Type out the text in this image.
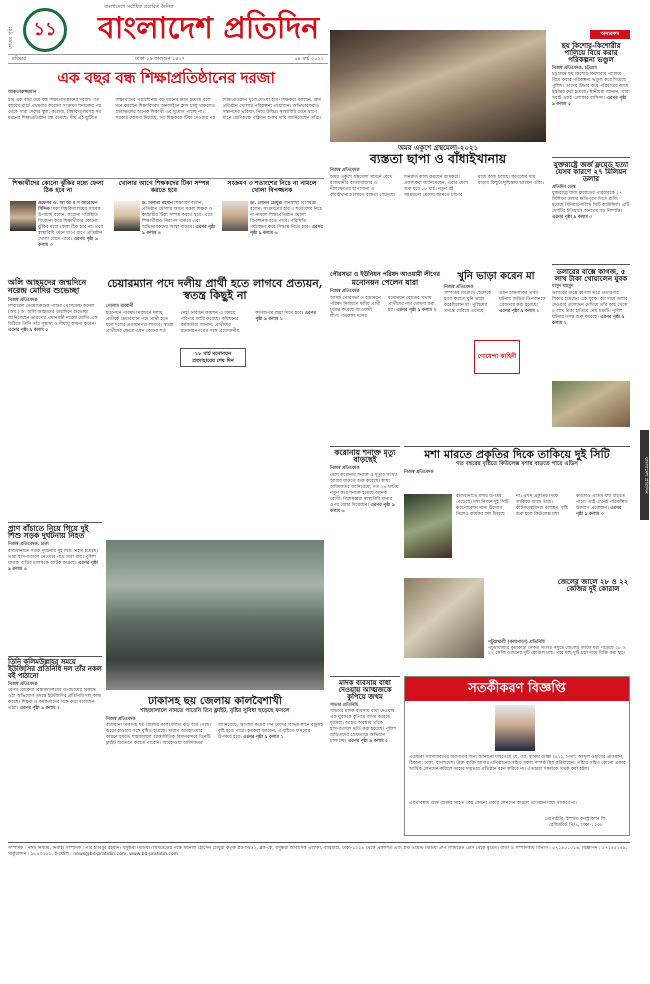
শেষের পৃষ্ঠা	১১
বাংলাদেশে সর্বাধিক প্রচারিত দৈনিক
বাংলাদেশ প্রতিদিন
রবিবার	ঢাকা ১৯ ফাল্গুন ১৪২৭	০৪ মার্চ ২০২১
এক বছর বন্ধ শিক্ষাপ্রতিষ্ঠানের দরজা
আকতারুজ্জামান
চার এক বছর ধরে বন্ধ শিক্ষাপ্রতিষ্ঠানের দরজা। গত বছরের মার্চে প্রথমবার করোনা সংক্রমণ শনাক্তের পর থেকে সারা দেশের স্কুল, কলেজ, বিশ্ববিদ্যালয়সহ সব ধরনের শিক্ষাপ্রতিষ্ঠান বন্ধ রয়েছে। দীর্ঘ এই ছুটিতে শিক্ষার্থীদের পড়াশোনায় বড় ধরনের ক্ষতি হয়েছে বলে মনে করছেন শিক্ষাবিদরা। অনলাইনে ক্লাস চালু থাকলেও গ্রামাঞ্চলের অনেক শিক্ষার্থী এর সুযোগ পাচ্ছে না। সরকার ঘোষণা দিয়েছে, সব শিক্ষককে টিকা দেওয়ার পর শিক্ষাপ্রতিষ্ঠান খুলে দেওয়া হবে। শিক্ষকরা বলছেন, দ্রুত প্রতিষ্ঠান খোলার পরিকল্পনা প্রয়োজন। অভিভাবকরাও সন্তানদের ভবিষ্যৎ নিয়ে উদ্বিগ্ন। স্বাস্থ্যবিধি মেনে ধাপে ধাপে শ্রেণিকক্ষে পাঠদান শুরুর দাবি জানিয়েছেন তাঁরা।
শিক্ষার্থীদের কোনো ঝুঁকির মধ্যে ফেলা ঠিক হবে না
প্রফেসর ড. আ আ ম স আরেফিন সিদ্দিক ঢাকা বিশ্ববিদ্যালয়ের সাবেক উপাচার্য বলেন, করোনা পরিস্থিতি বিবেচনা করে শিক্ষার্থীদের কোনো ঝুঁকির মধ্যে ফেলা ঠিক হবে না। তবে স্বাস্থ্যবিধি মেনে ধাপে ধাপে প্রতিষ্ঠান খোলা যেতে পারে। এরপর পৃষ্ঠা ৯ কলাম ৩
খোলার আগে শিক্ষকদের টিকা সম্পন্ন করতে হবে
ড. দিলারা রহমান শিক্ষাবিদ বলেন, প্রতিষ্ঠান খোলার আগে সকল শিক্ষক ও কর্মচারীর টিকা সম্পন্ন করতে হবে। এতে শিক্ষার্থীরাও নিরাপদ থাকবে এবং অভিভাবকদের আস্থা বাড়বে। এরপর পৃষ্ঠা ৯ কলাম ৪
সংক্রমণ ৩ শতাংশের নিচে না নামলে খোলা বিপজ্জনক
ডা. লেনিন চৌধুরী জনস্বাস্থ্য বিশেষজ্ঞ বলেন, সংক্রমণের হার ৩ শতাংশের নিচে না নামলে শিক্ষাপ্রতিষ্ঠান খোলা বিপজ্জনক হতে পারে। পরিস্থিতি পর্যবেক্ষণ করে সিদ্ধান্ত নিতে হবে। এরপর পৃষ্ঠা ৯ কলাম ৬
অমর একুশে গ্রন্থমেলা-২০২১
ব্যস্ততা ছাপা ও বাঁধাইখানায়
নিজস্ব প্রতিবেদক
অমর একুশে গ্রন্থমেলা সামনে রেখে রাজধানীর বাংলাবাজার ও নীলক্ষেতের ছাপাখানা ও বাঁধাইখানাগুলোতে ব্যস্ততা বেড়েছে। দিনরাত কাজ করছেন শ্রমিকরা। প্রকাশকরা জানিয়েছেন, এবার মেলা শুরু হবে ১৮ মার্চ। নতুন বই সময়মতো মেলায় আনতে চাপের মধ্যে কাজ চলছে। কাগজের দাম বাড়ায় কিছুটা দুশ্চিন্তায় আছেন তাঁরা।
অন্যরকম
ছয় কিশোর-কিশোরীর পালিয়ে বিয়ে করার পরিকল্পনা ভণ্ডুল
নিজস্ব প্রতিবেদক, চট্টগ্রাম
চট্টগ্রামে ছয় কিশোর-কিশোরীর পালিয়ে বিয়ে করার পরিকল্পনা ভণ্ডুল করে দিয়েছে পুলিশ। তাদের উদ্ধার করে পরিবারের কাছে হস্তান্তর করা হয়েছে। স্থানীয়রা জানান, তারা সবাই একই এলাকার বাসিন্দা। এরপর পৃষ্ঠা ৯ কলাম ৫
যুক্তরাষ্ট্রে জর্জ ফ্লয়েড হত্যা যেসব কারণে ২৭ মিলিয়ন ডলার
প্রতিদিন ডেস্ক
যুক্তরাষ্ট্রে জর্জ ফ্লয়েডের পরিবারকে ২৭ মিলিয়ন ডলার ক্ষতিপূরণ দিতে রাজি হয়েছে মিনিয়াপোলিস সিটি কাউন্সিল। এটি দেশটির ইতিহাসে অন্যতম বড় নিষ্পত্তি। এরপর পৃষ্ঠা ৯ কলাম ৩
ডলারের বাক্সে কাগজ, ৫ লাখ টাকা খোয়ালেন যুবক
মাসুদ মাহমুদ
ডলারের বাক্সে কাগজ ভরে প্রতারণার শিকার হয়েছেন এক যুবক। কম দামে ডলার দেওয়ার প্রলোভন দেখিয়ে তাঁর কাছ থেকে ৫ লাখ টাকা হাতিয়ে নেয় চক্রটি। পুলিশ ঘটনার তদন্ত শুরু করেছে। এরপর পৃষ্ঠা ৯ কলাম ২
বাংলাদেশ প্রতিদিন
অলি আহমদের জন্মদিনে নরেন্দ্র মোদির শুভেচ্ছা
নিজস্ব প্রতিবেদক
লিবারেল ডেমোক্রেটিক পার্টির প্রেসিডেন্ট কর্নেল (অব.) ড. অলি আহমদের জন্মদিনে শুভেচ্ছা জানিয়েছেন ভারতের প্রধানমন্ত্রী নরেন্দ্র মোদি। এক চিঠিতে তিনি তাঁর সুস্বাস্থ্য ও দীর্ঘায়ু কামনা করেন। এরপর পৃষ্ঠা ৯ কলাম ৫
চেয়ারম্যান পদে দলীয় প্রার্থী হতে লাগবে প্রত্যয়ন, স্বতন্ত্র কিছুই না
গোলাম রাব্বানী
ইউনিয়ন পরিষদ নির্বাচনে দলীয় প্রতীকে চেয়ারম্যান পদে প্রার্থী হতে হলে দলের প্রত্যয়নপত্র লাগবে। স্বতন্ত্র প্রার্থীদের ক্ষেত্রে এমন কোনো শর্ত নেই। নির্বাচন কমিশন এ বিষয়ে পরিপত্র জারি করেছে। কমিশনের কর্মকর্তারা জানান, প্রার্থীদের মনোনয়নপত্রের সঙ্গে প্রয়োজনীয় কাগজপত্র জমা দিতে হবে। এরপর পৃষ্ঠা ৯ কলাম ১
১৮ মার্চ মনোনয়ন প্রত্যাহারের শেষ দিন
পৌরসভা ও ইউনিয়ন পরিষদ আওয়ামী লীগের
মনোনয়ন পেলেন যারা
নিজস্ব প্রতিবেদক
আসন্ন পৌরসভা ও ইউনিয়ন পরিষদ নির্বাচনে দলীয় প্রার্থী চূড়ান্ত করেছে আওয়ামী লীগ। গতকাল দলের মনোনয়ন বোর্ডের সভায় প্রার্থীদের নাম ঘোষণা করা হয়। এরপর পৃষ্ঠা ৯ কলাম ২
খুনি ভাড়া করেন মা
নিজস্ব প্রতিবেদক
সম্পত্তির বিরোধে ছেলেকে হত্যা করতে খুনি ভাড়া করেছিলেন মা। পুলিশের তদন্তে বেরিয়ে এসেছে এমন চাঞ্চল্যকর তথ্য। ঘটনায় জড়িত তিনজনকে গ্রেফতার করা হয়েছে। এরপর পৃষ্ঠা ৯ কলাম ১
গোয়েন্দা কাহিনী
প্রাণ বাঁচাতে নিয়ে গিয়ে দুই শিশু সড়ক দুর্ঘটনায় নিহত
নিজস্ব প্রতিবেদক, ঢাকা
রাজধানীতে সড়ক দুর্ঘটনায় দুই শিশু নিহত হয়েছে। তারা হাসপাতালে নেওয়ার পথে মারা যায়। পুলিশ ঘাতক গাড়ির চালককে আটক করেছে। এরপর পৃষ্ঠা ৯ কলাম ৪
তিনি কলিমউল্লাহর সময়ে ইউজিসির প্রতিনিধি দল তাঁর নকল বই পাঠানো
নিজস্ব প্রতিবেদক
বেগম রোকেয়া বিশ্ববিদ্যালয়ের উপাচার্যের বিরুদ্ধে ওঠা অভিযোগ তদন্তে ইউজিসির প্রতিনিধি দল কাজ করছে। শিক্ষক ও কর্মকর্তাদের সঙ্গে কথা বলেছেন তাঁরা। এরপর পৃষ্ঠা ৯ কলাম ২
ঢাকাসহ ছয় জেলায় কালবৈশাখী
শাহজালালে নামতে পারেনি তিন ফ্লাইট, বৃষ্টির সুবিধা ছড়েছে ফসলে
নিজস্ব প্রতিবেদক
রাজধানী ঢাকাসহ ছয় জেলায় কালবৈশাখী ঝড় বয়ে গেছে। ঝড়ো হাওয়ার সঙ্গে বৃষ্টিও হয়েছে। খারাপ আবহাওয়ার কারণে হযরত শাহজালাল আন্তর্জাতিক বিমানবন্দরে তিনটি ফ্লাইট অবতরণ করতে পারেনি। আবহাওয়া অধিদফতর জানিয়েছে, আগামী কয়েক দিন দেশের বিভিন্ন স্থানে বজ্রসহ বৃষ্টি হতে পারে। কৃষকরা বলছেন, এ বৃষ্টিতে ফসলের উপকার হবে। এরপর পৃষ্ঠা ৯ কলাম ১
করোনায় শনাক্ত মৃত্যু বাড়ছেই
নিজস্ব প্রতিবেদক
দেশে করোনায় শনাক্ত ও মৃত্যুর সংখ্যা আবার বাড়তে শুরু করেছে। স্বাস্থ্য অধিদফতর জানিয়েছে, গত ২৪ ঘণ্টায় নতুন করে শনাক্ত হয়েছে অনেক রোগী। বিশেষজ্ঞরা স্বাস্থ্যবিধি মানার ওপর জোর দিয়েছেন। এরপর পৃষ্ঠা ৯ কলাম ৬
মশা মারতে প্রকৃতির দিকে তাকিয়ে দুই সিটি
গত বছরের বৃষ্টিতে কিউলেক্স মশার বাড়তে পারে এডিস
নিজস্ব প্রতিবেদক
রাজধানীতে মশার উপদ্রব বেড়েছে। মশা নিধনে দুই সিটি করপোরেশন নানা উদ্যোগ নিলেও কার্যকর ফল মিলছে না। এখন প্রকৃতির দিকে তাকিয়ে আছে তারা। কীটতত্ত্ববিদরা বলছেন, বৃষ্টি শুরু হলে কিউলেক্স মশা কমলেও এডিস মশা বাড়তে পারে। তাই এখনই পরিকল্পিত উদ্যোগ প্রয়োজন। এরপর পৃষ্ঠা ৯ কলাম ৩
জেলের জালে ২৮ ও ২২ কেজির দুই কোরাল
পটুয়াখালী (কলাপাড়া) প্রতিনিধি
পটুয়াখালীর কুয়াকাটা সৈকত সংলগ্ন সমুদ্রে জেলের জালে ধরা পড়েছে ২৮ ও ২২ কেজি ওজনের দুটি কোরাল মাছ। পরে মাছ দুটি চড়া দামে বিক্রি করা হয়।
মাদক ব্যবসায় বাধা দেওয়ায় আত্মজকে কুপিয়ে জখম
সাভার প্রতিনিধি
সাভারে মাদক ব্যবসায় বাধা দেওয়ায় এক যুবককে কুপিয়ে জখম করেছে দুর্বৃত্তরা। আহত অবস্থায় তাঁকে হাসপাতালে ভর্তি করা হয়েছে। পুলিশ জড়িতদের গ্রেফতারে অভিযান চালাচ্ছে। এরপর পৃষ্ঠা ৯ কলাম ৫
সতর্কীকরণ বিজ্ঞপ্তি
এতদ্বারা সর্বসাধারণের অবগতির জন্য জানানো যাইতেছে যে, মো. হাকিম মোল্লা (৪১), পিতা: আব্দুল ওহাবের প্রতিষ্ঠান, ঠিকানা: ঢাকা, বাংলাদেশ। উক্ত ব্যক্তি আমার প্রতিষ্ঠানের সহিত সকল সম্পর্ক ছিন্ন করিয়াছেন। তাঁহার সহিত কোনো প্রকার আর্থিক লেনদেন করিলে তাহার দায়ভার প্রতিষ্ঠান বহন করিবে না। এতদ্বারা সকলকে সতর্ক করা হইল।
এমতাবস্থায় উক্ত ব্যক্তির সহিত কেহ কোনো প্রকার লেনদেন করিলে প্রতিষ্ঠান দায়ী থাকিবে না।
প্রোপাইটর, ইস্পাত কনস্ট্রাকশন লি.
রেজিস্টার্ড পি/৪, ঢাকা-১২০৮
সম্পাদক : নঈম নিজাম, নির্বাহী সম্পাদক : পীর হাবিবুর রহমান। বসুন্ধরা মিডিয়া লিমিটেডের পক্ষে ময়নাল হোসেন চৌধুরী কর্তৃক প্লট-সি/৫২, ব্লক-কে, বসুন্ধরা আবাসিক এলাকা, বারিধারা, ঢাকা-১২২৯ থেকে প্রকাশিত এবং ইস্ট ওয়েস্ট মিডিয়া গ্রুপ লিমিটেড প্রেস থেকে মুদ্রিত। বার্তা ও সম্পাদকীয় বিভাগ : ৫৭১৪৫১৫১৬, বিজ্ঞাপন : ৫৭১৪৫১৫৯, সার্কুলেশন : ৯৮৪০১৬১, ই-মেইল : news@bd-pratidin.com, www.bd-pratidin.com
